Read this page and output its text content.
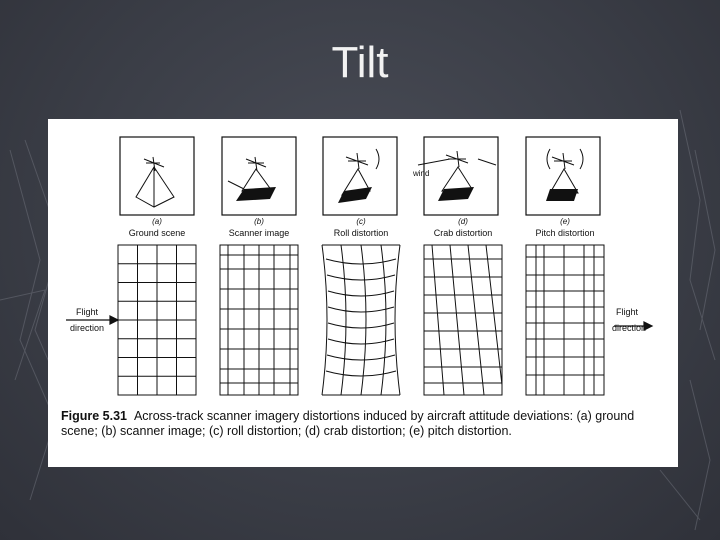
Tilt
(a)
Ground scene
(b)
Scanner image
(c)
Roll distortion
(d)
Crab distortion
(e)
Pitch distortion
wind
Flight
direction
Flight
direction
Figure 5.31 Across-track scanner imagery distortions induced by aircraft attitude deviations: (a) ground scene; (b) scanner image; (c) roll distortion; (d) crab distortion; (e) pitch distortion.
